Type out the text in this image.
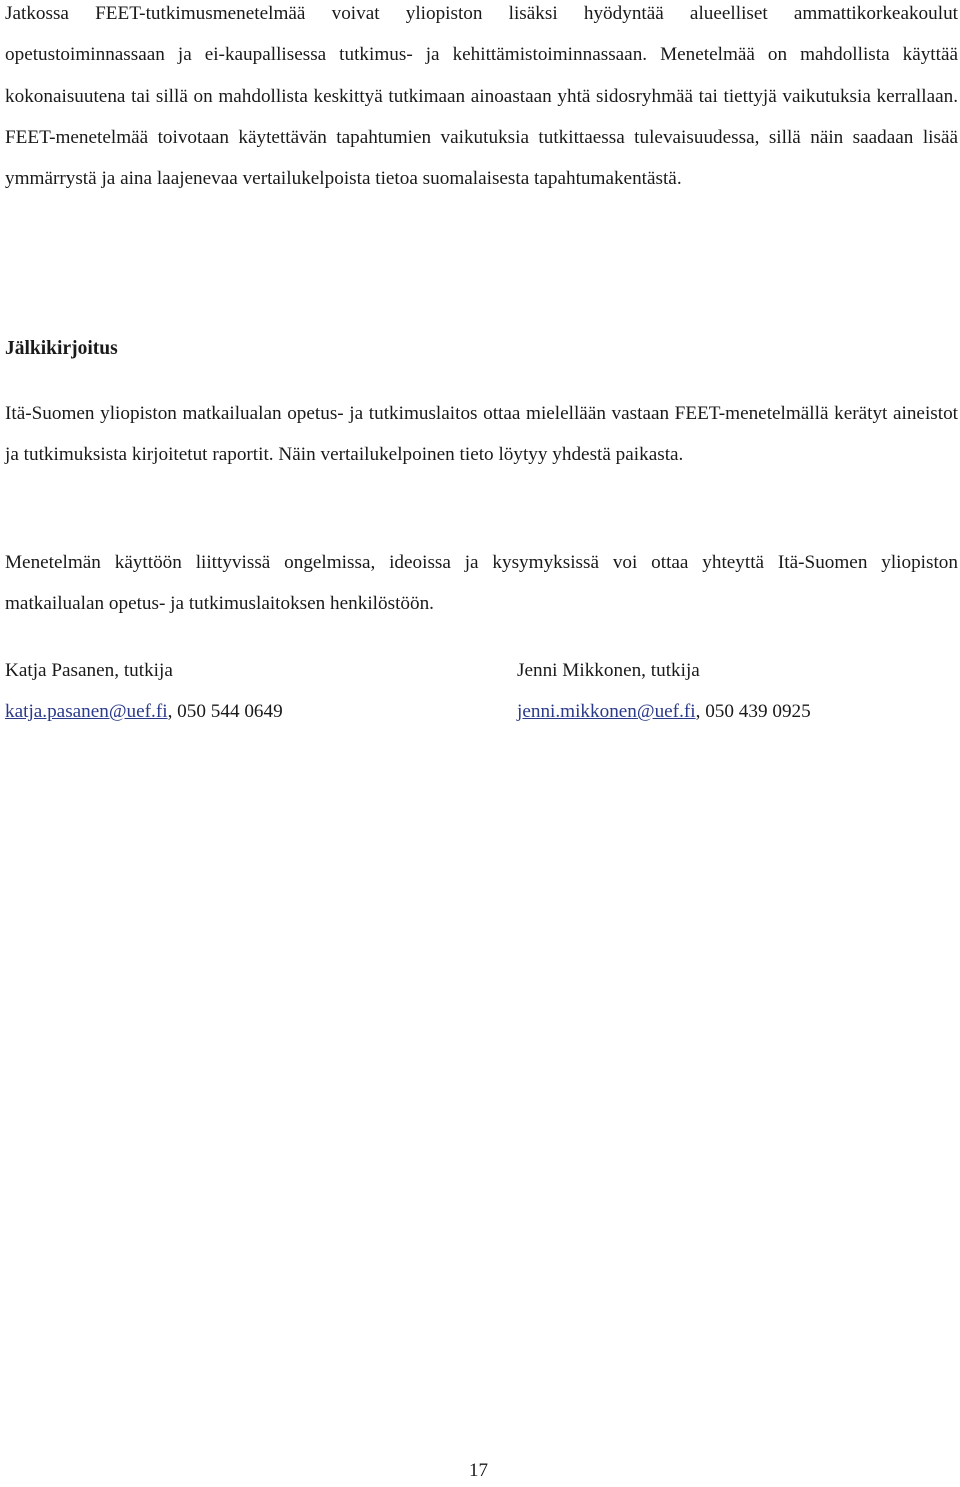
Jatkossa FEET-tutkimusmenetelmää voivat yliopiston lisäksi hyödyntää alueelliset ammattikorkeakoulut opetustoiminnassaan ja ei-kaupallisessa tutkimus- ja kehittämistoiminnassaan. Menetelmää on mahdollista käyttää kokonaisuutena tai sillä on mahdollista keskittyä tutkimaan ainoastaan yhtä sidosryhmää tai tiettyjä vaikutuksia kerrallaan. FEET-menetelmää toivotaan käytettävän tapahtumien vaikutuksia tutkittaessa tulevaisuudessa, sillä näin saadaan lisää ymmärrystä ja aina laajenevaa vertailukelpoista tietoa suomalaisesta tapahtumakentästä.

Jälkikirjoitus

Itä-Suomen yliopiston matkailualan opetus- ja tutkimuslaitos ottaa mielellään vastaan FEET-menetelmällä kerätyt aineistot ja tutkimuksista kirjoitetut raportit. Näin vertailukelpoinen tieto löytyy yhdestä paikasta.

Menetelmän käyttöön liittyvissä ongelmissa, ideoissa ja kysymyksissä voi ottaa yhteyttä Itä-Suomen yliopiston matkailualan opetus- ja tutkimuslaitoksen henkilöstöön.

Katja Pasanen, tutkija
katja.pasanen@uef.fi, 050 544 0649
Jenni Mikkonen, tutkija
jenni.mikkonen@uef.fi, 050 439 0925
17
